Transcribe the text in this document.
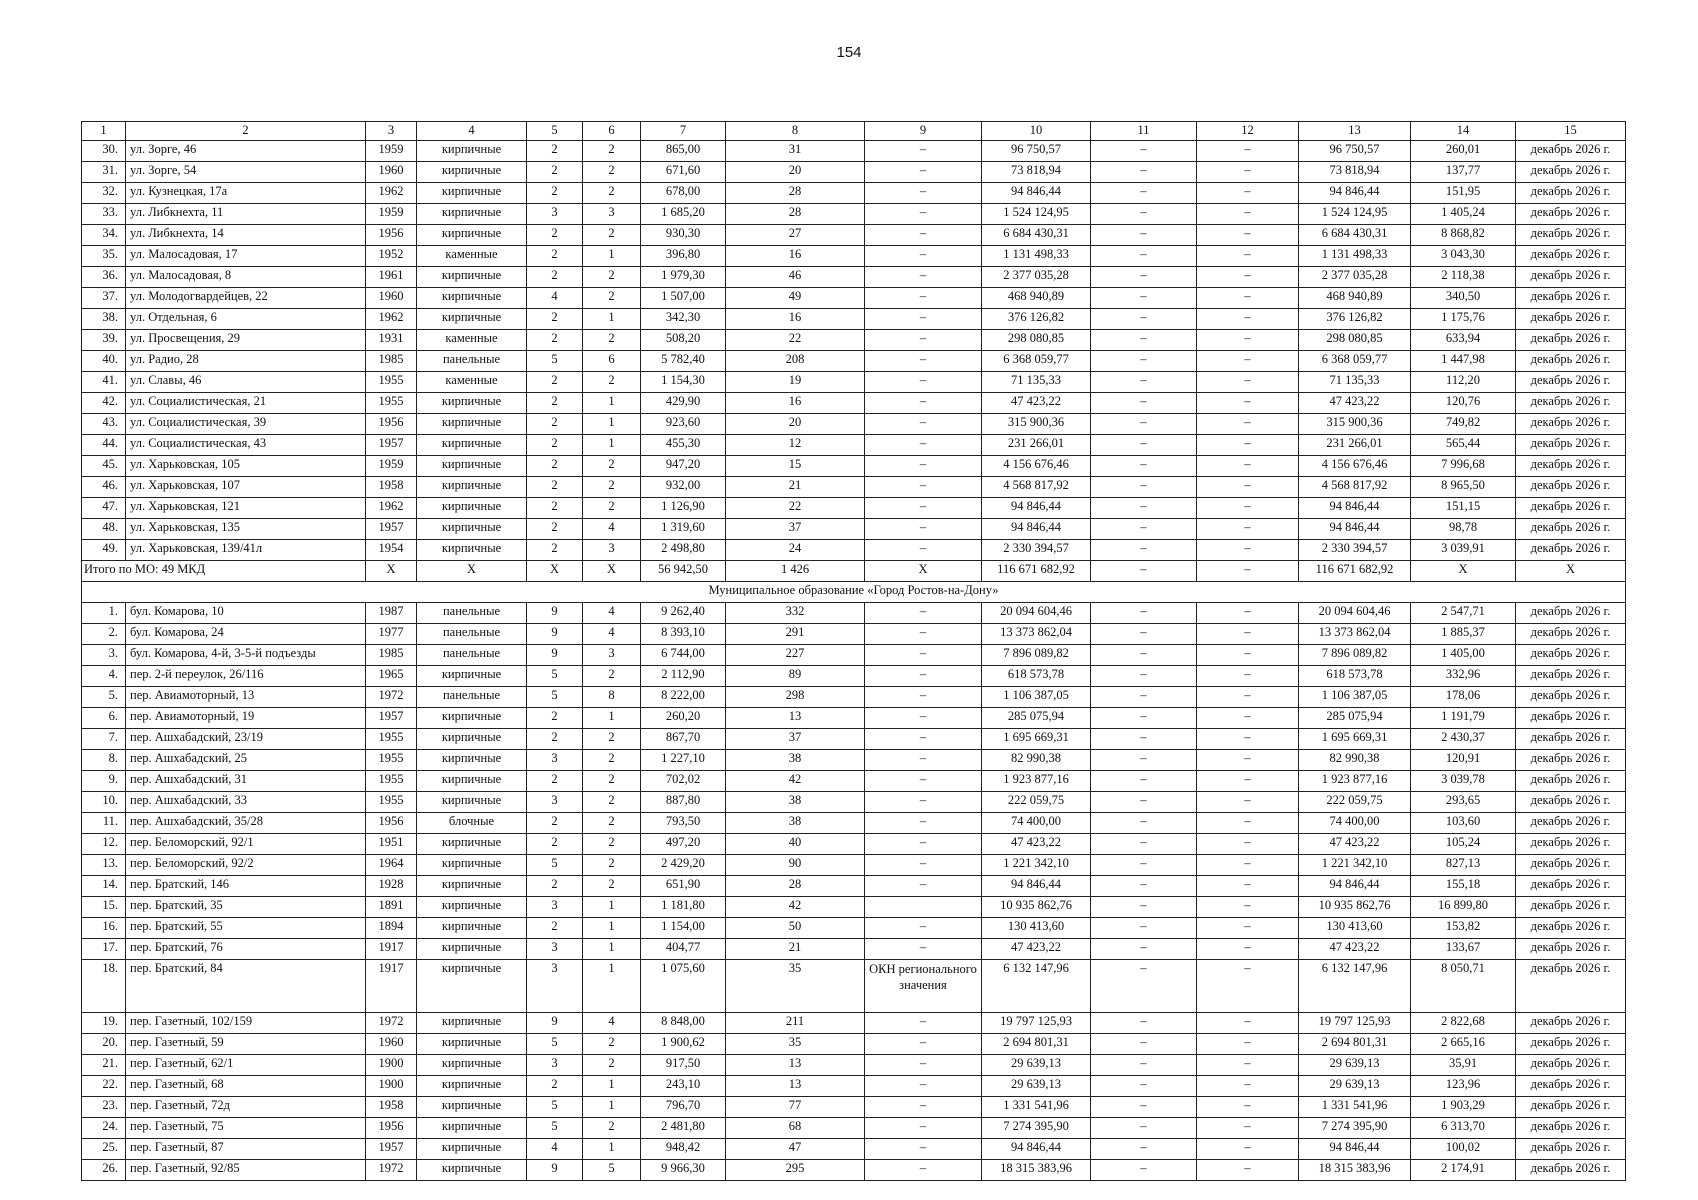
154
1	2	3	4	5	6	7	8	9	10	11	12	13	14	15
30.	ул. Зорге, 46	1959	кирпичные	2	2	865,00	31	–	96 750,57	–	–	96 750,57	260,01	декабрь 2026 г.
31.	ул. Зорге, 54	1960	кирпичные	2	2	671,60	20	–	73 818,94	–	–	73 818,94	137,77	декабрь 2026 г.
32.	ул. Кузнецкая, 17а	1962	кирпичные	2	2	678,00	28	–	94 846,44	–	–	94 846,44	151,95	декабрь 2026 г.
33.	ул. Либкнехта, 11	1959	кирпичные	3	3	1 685,20	28	–	1 524 124,95	–	–	1 524 124,95	1 405,24	декабрь 2026 г.
34.	ул. Либкнехта, 14	1956	кирпичные	2	2	930,30	27	–	6 684 430,31	–	–	6 684 430,31	8 868,82	декабрь 2026 г.
35.	ул. Малосадовая, 17	1952	каменные	2	1	396,80	16	–	1 131 498,33	–	–	1 131 498,33	3 043,30	декабрь 2026 г.
36.	ул. Малосадовая, 8	1961	кирпичные	2	2	1 979,30	46	–	2 377 035,28	–	–	2 377 035,28	2 118,38	декабрь 2026 г.
37.	ул. Молодогвардейцев, 22	1960	кирпичные	4	2	1 507,00	49	–	468 940,89	–	–	468 940,89	340,50	декабрь 2026 г.
38.	ул. Отдельная, 6	1962	кирпичные	2	1	342,30	16	–	376 126,82	–	–	376 126,82	1 175,76	декабрь 2026 г.
39.	ул. Просвещения, 29	1931	каменные	2	2	508,20	22	–	298 080,85	–	–	298 080,85	633,94	декабрь 2026 г.
40.	ул. Радио, 28	1985	панельные	5	6	5 782,40	208	–	6 368 059,77	–	–	6 368 059,77	1 447,98	декабрь 2026 г.
41.	ул. Славы, 46	1955	каменные	2	2	1 154,30	19	–	71 135,33	–	–	71 135,33	112,20	декабрь 2026 г.
42.	ул. Социалистическая, 21	1955	кирпичные	2	1	429,90	16	–	47 423,22	–	–	47 423,22	120,76	декабрь 2026 г.
43.	ул. Социалистическая, 39	1956	кирпичные	2	1	923,60	20	–	315 900,36	–	–	315 900,36	749,82	декабрь 2026 г.
44.	ул. Социалистическая, 43	1957	кирпичные	2	1	455,30	12	–	231 266,01	–	–	231 266,01	565,44	декабрь 2026 г.
45.	ул. Харьковская, 105	1959	кирпичные	2	2	947,20	15	–	4 156 676,46	–	–	4 156 676,46	7 996,68	декабрь 2026 г.
46.	ул. Харьковская, 107	1958	кирпичные	2	2	932,00	21	–	4 568 817,92	–	–	4 568 817,92	8 965,50	декабрь 2026 г.
47.	ул. Харьковская, 121	1962	кирпичные	2	2	1 126,90	22	–	94 846,44	–	–	94 846,44	151,15	декабрь 2026 г.
48.	ул. Харьковская, 135	1957	кирпичные	2	4	1 319,60	37	–	94 846,44	–	–	94 846,44	98,78	декабрь 2026 г.
49.	ул. Харьковская, 139/41л	1954	кирпичные	2	3	2 498,80	24	–	2 330 394,57	–	–	2 330 394,57	3 039,91	декабрь 2026 г.
Итого по МО: 49 МКД		Х	Х	Х	Х	56 942,50	1 426	Х	116 671 682,92	–	–	116 671 682,92	Х	Х
Муниципальное образование «Город Ростов-на-Дону»														
1.	бул. Комарова, 10	1987	панельные	9	4	9 262,40	332	–	20 094 604,46	–	–	20 094 604,46	2 547,71	декабрь 2026 г.
2.	бул. Комарова, 24	1977	панельные	9	4	8 393,10	291	–	13 373 862,04	–	–	13 373 862,04	1 885,37	декабрь 2026 г.
3.	бул. Комарова, 4-й, 3-5-й подъезды	1985	панельные	9	3	6 744,00	227	–	7 896 089,82	–	–	7 896 089,82	1 405,00	декабрь 2026 г.
4.	пер. 2-й переулок, 26/116	1965	кирпичные	5	2	2 112,90	89	–	618 573,78	–	–	618 573,78	332,96	декабрь 2026 г.
5.	пер. Авиамоторный, 13	1972	панельные	5	8	8 222,00	298	–	1 106 387,05	–	–	1 106 387,05	178,06	декабрь 2026 г.
6.	пер. Авиамоторный, 19	1957	кирпичные	2	1	260,20	13	–	285 075,94	–	–	285 075,94	1 191,79	декабрь 2026 г.
7.	пер. Ашхабадский, 23/19	1955	кирпичные	2	2	867,70	37	–	1 695 669,31	–	–	1 695 669,31	2 430,37	декабрь 2026 г.
8.	пер. Ашхабадский, 25	1955	кирпичные	3	2	1 227,10	38	–	82 990,38	–	–	82 990,38	120,91	декабрь 2026 г.
9.	пер. Ашхабадский, 31	1955	кирпичные	2	2	702,02	42	–	1 923 877,16	–	–	1 923 877,16	3 039,78	декабрь 2026 г.
10.	пер. Ашхабадский, 33	1955	кирпичные	3	2	887,80	38	–	222 059,75	–	–	222 059,75	293,65	декабрь 2026 г.
11.	пер. Ашхабадский, 35/28	1956	блочные	2	2	793,50	38	–	74 400,00	–	–	74 400,00	103,60	декабрь 2026 г.
12.	пер. Беломорский, 92/1	1951	кирпичные	2	2	497,20	40	–	47 423,22	–	–	47 423,22	105,24	декабрь 2026 г.
13.	пер. Беломорский, 92/2	1964	кирпичные	5	2	2 429,20	90	–	1 221 342,10	–	–	1 221 342,10	827,13	декабрь 2026 г.
14.	пер. Братский, 146	1928	кирпичные	2	2	651,90	28	–	94 846,44	–	–	94 846,44	155,18	декабрь 2026 г.
15.	пер. Братский, 35	1891	кирпичные	3	1	1 181,80	42		10 935 862,76	–	–	10 935 862,76	16 899,80	декабрь 2026 г.
16.	пер. Братский, 55	1894	кирпичные	2	1	1 154,00	50	–	130 413,60	–	–	130 413,60	153,82	декабрь 2026 г.
17.	пер. Братский, 76	1917	кирпичные	3	1	404,77	21	–	47 423,22	–	–	47 423,22	133,67	декабрь 2026 г.
18.	пер. Братский, 84	1917	кирпичные	3	1	1 075,60	35	ОКН регионального значения	6 132 147,96	–	–	6 132 147,96	8 050,71	декабрь 2026 г.
19.	пер. Газетный, 102/159	1972	кирпичные	9	4	8 848,00	211	–	19 797 125,93	–	–	19 797 125,93	2 822,68	декабрь 2026 г.
20.	пер. Газетный, 59	1960	кирпичные	5	2	1 900,62	35	–	2 694 801,31	–	–	2 694 801,31	2 665,16	декабрь 2026 г.
21.	пер. Газетный, 62/1	1900	кирпичные	3	2	917,50	13	–	29 639,13	–	–	29 639,13	35,91	декабрь 2026 г.
22.	пер. Газетный, 68	1900	кирпичные	2	1	243,10	13	–	29 639,13	–	–	29 639,13	123,96	декабрь 2026 г.
23.	пер. Газетный, 72д	1958	кирпичные	5	1	796,70	77	–	1 331 541,96	–	–	1 331 541,96	1 903,29	декабрь 2026 г.
24.	пер. Газетный, 75	1956	кирпичные	5	2	2 481,80	68	–	7 274 395,90	–	–	7 274 395,90	6 313,70	декабрь 2026 г.
25.	пер. Газетный, 87	1957	кирпичные	4	1	948,42	47	–	94 846,44	–	–	94 846,44	100,02	декабрь 2026 г.
26.	пер. Газетный, 92/85	1972	кирпичные	9	5	9 966,30	295	–	18 315 383,96	–	–	18 315 383,96	2 174,91	декабрь 2026 г.
